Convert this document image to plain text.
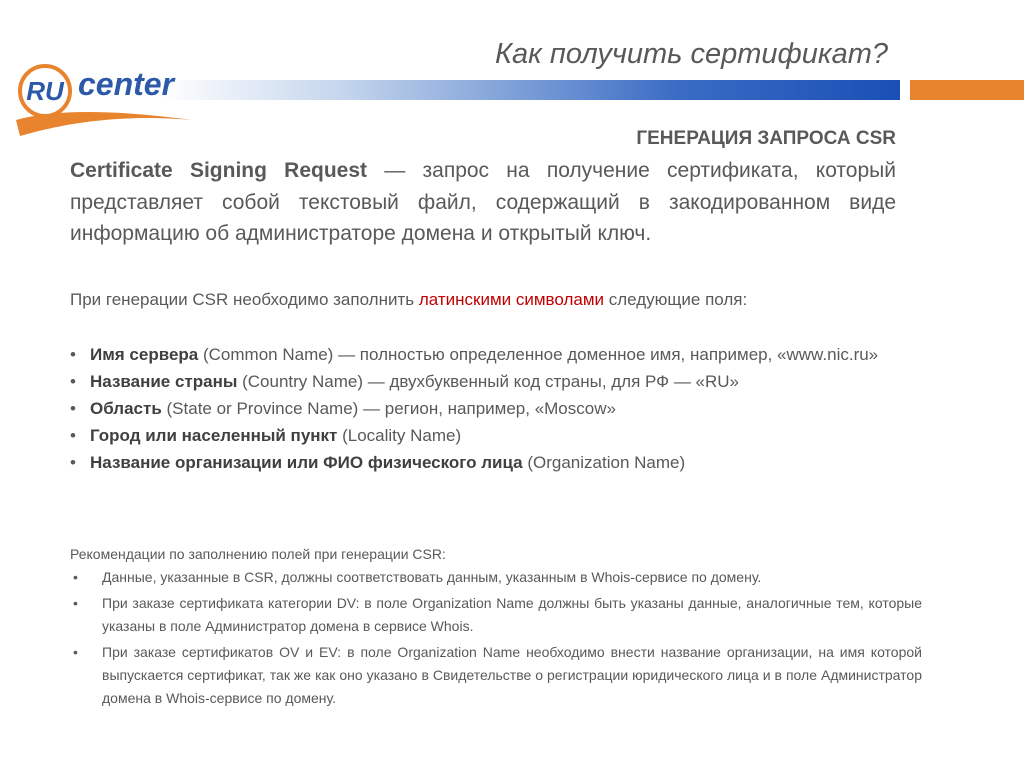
RU center
Как получить сертификат?
ГЕНЕРАЦИЯ ЗАПРОСА CSR

Certificate Signing Request — запрос на получение сертификата, который представляет собой текстовый файл, содержащий в закодированном виде информацию об администраторе домена и открытый ключ.

При генерации CSR необходимо заполнить латинскими символами следующие поля:

• Имя сервера (Common Name) — полностью определенное доменное имя, например, «www.nic.ru»
• Название страны (Country Name) — двухбуквенный код страны, для РФ — «RU»
• Область (State or Province Name) — регион, например, «Moscow»
• Город или населенный пункт (Locality Name)
• Название организации или ФИО физического лица (Organization Name)

Рекомендации по заполнению полей при генерации CSR:

• Данные, указанные в CSR, должны соответствовать данным, указанным в Whois-сервисе по домену.
• При заказе сертификата категории DV: в поле Organization Name должны быть указаны данные, аналогичные тем, которые указаны в поле Администратор домена в сервисе Whois.
• При заказе сертификатов OV и EV: в поле Organization Name необходимо внести название организации, на имя которой выпускается сертификат, так же как оно указано в Свидетельстве о регистрации юридического лица и в поле Администратор домена в Whois-сервисе по домену.
